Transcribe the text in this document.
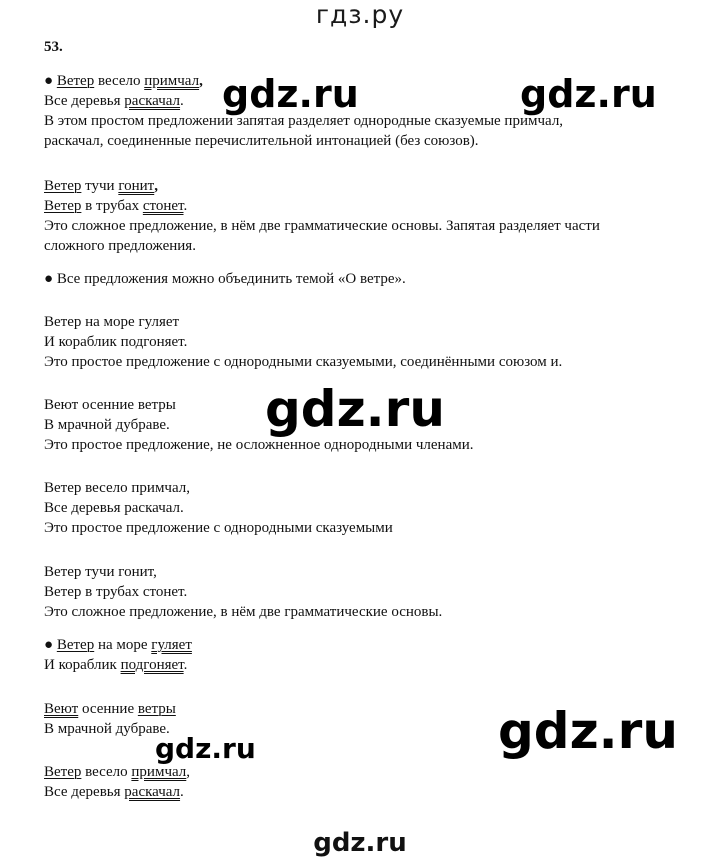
гдз.ру
53.
● Ветер весело примчал,
Все деревья раскачал.
В этом простом предложении запятая разделяет однородные сказуемые примчал,
раскачал, соединенные перечислительной интонацией (без союзов).
Ветер тучи гонит,
Ветер в трубах стонет.
Это сложное предложение, в нём две грамматические основы. Запятая разделяет части
сложного предложения.
● Все предложения можно объединить темой «О ветре».
Ветер на море гуляет
И кораблик подгоняет.
Это простое предложение с однородными сказуемыми, соединёнными союзом и.
Веют осенние ветры
В мрачной дубраве.
Это простое предложение, не осложненное однородными членами.
Ветер весело примчал,
Все деревья раскачал.
Это простое предложение с однородными сказуемыми
Ветер тучи гонит,
Ветер в трубах стонет.
Это сложное предложение, в нём две грамматические основы.
● Ветер на море гуляет
И кораблик подгоняет.
Веют осенние ветры
В мрачной дубраве.
Ветер весело примчал,
Все деревья раскачал.
gdz.ru	gdz.ru
gdz.ru
gdz.ru
gdz.ru
gdz.ru
